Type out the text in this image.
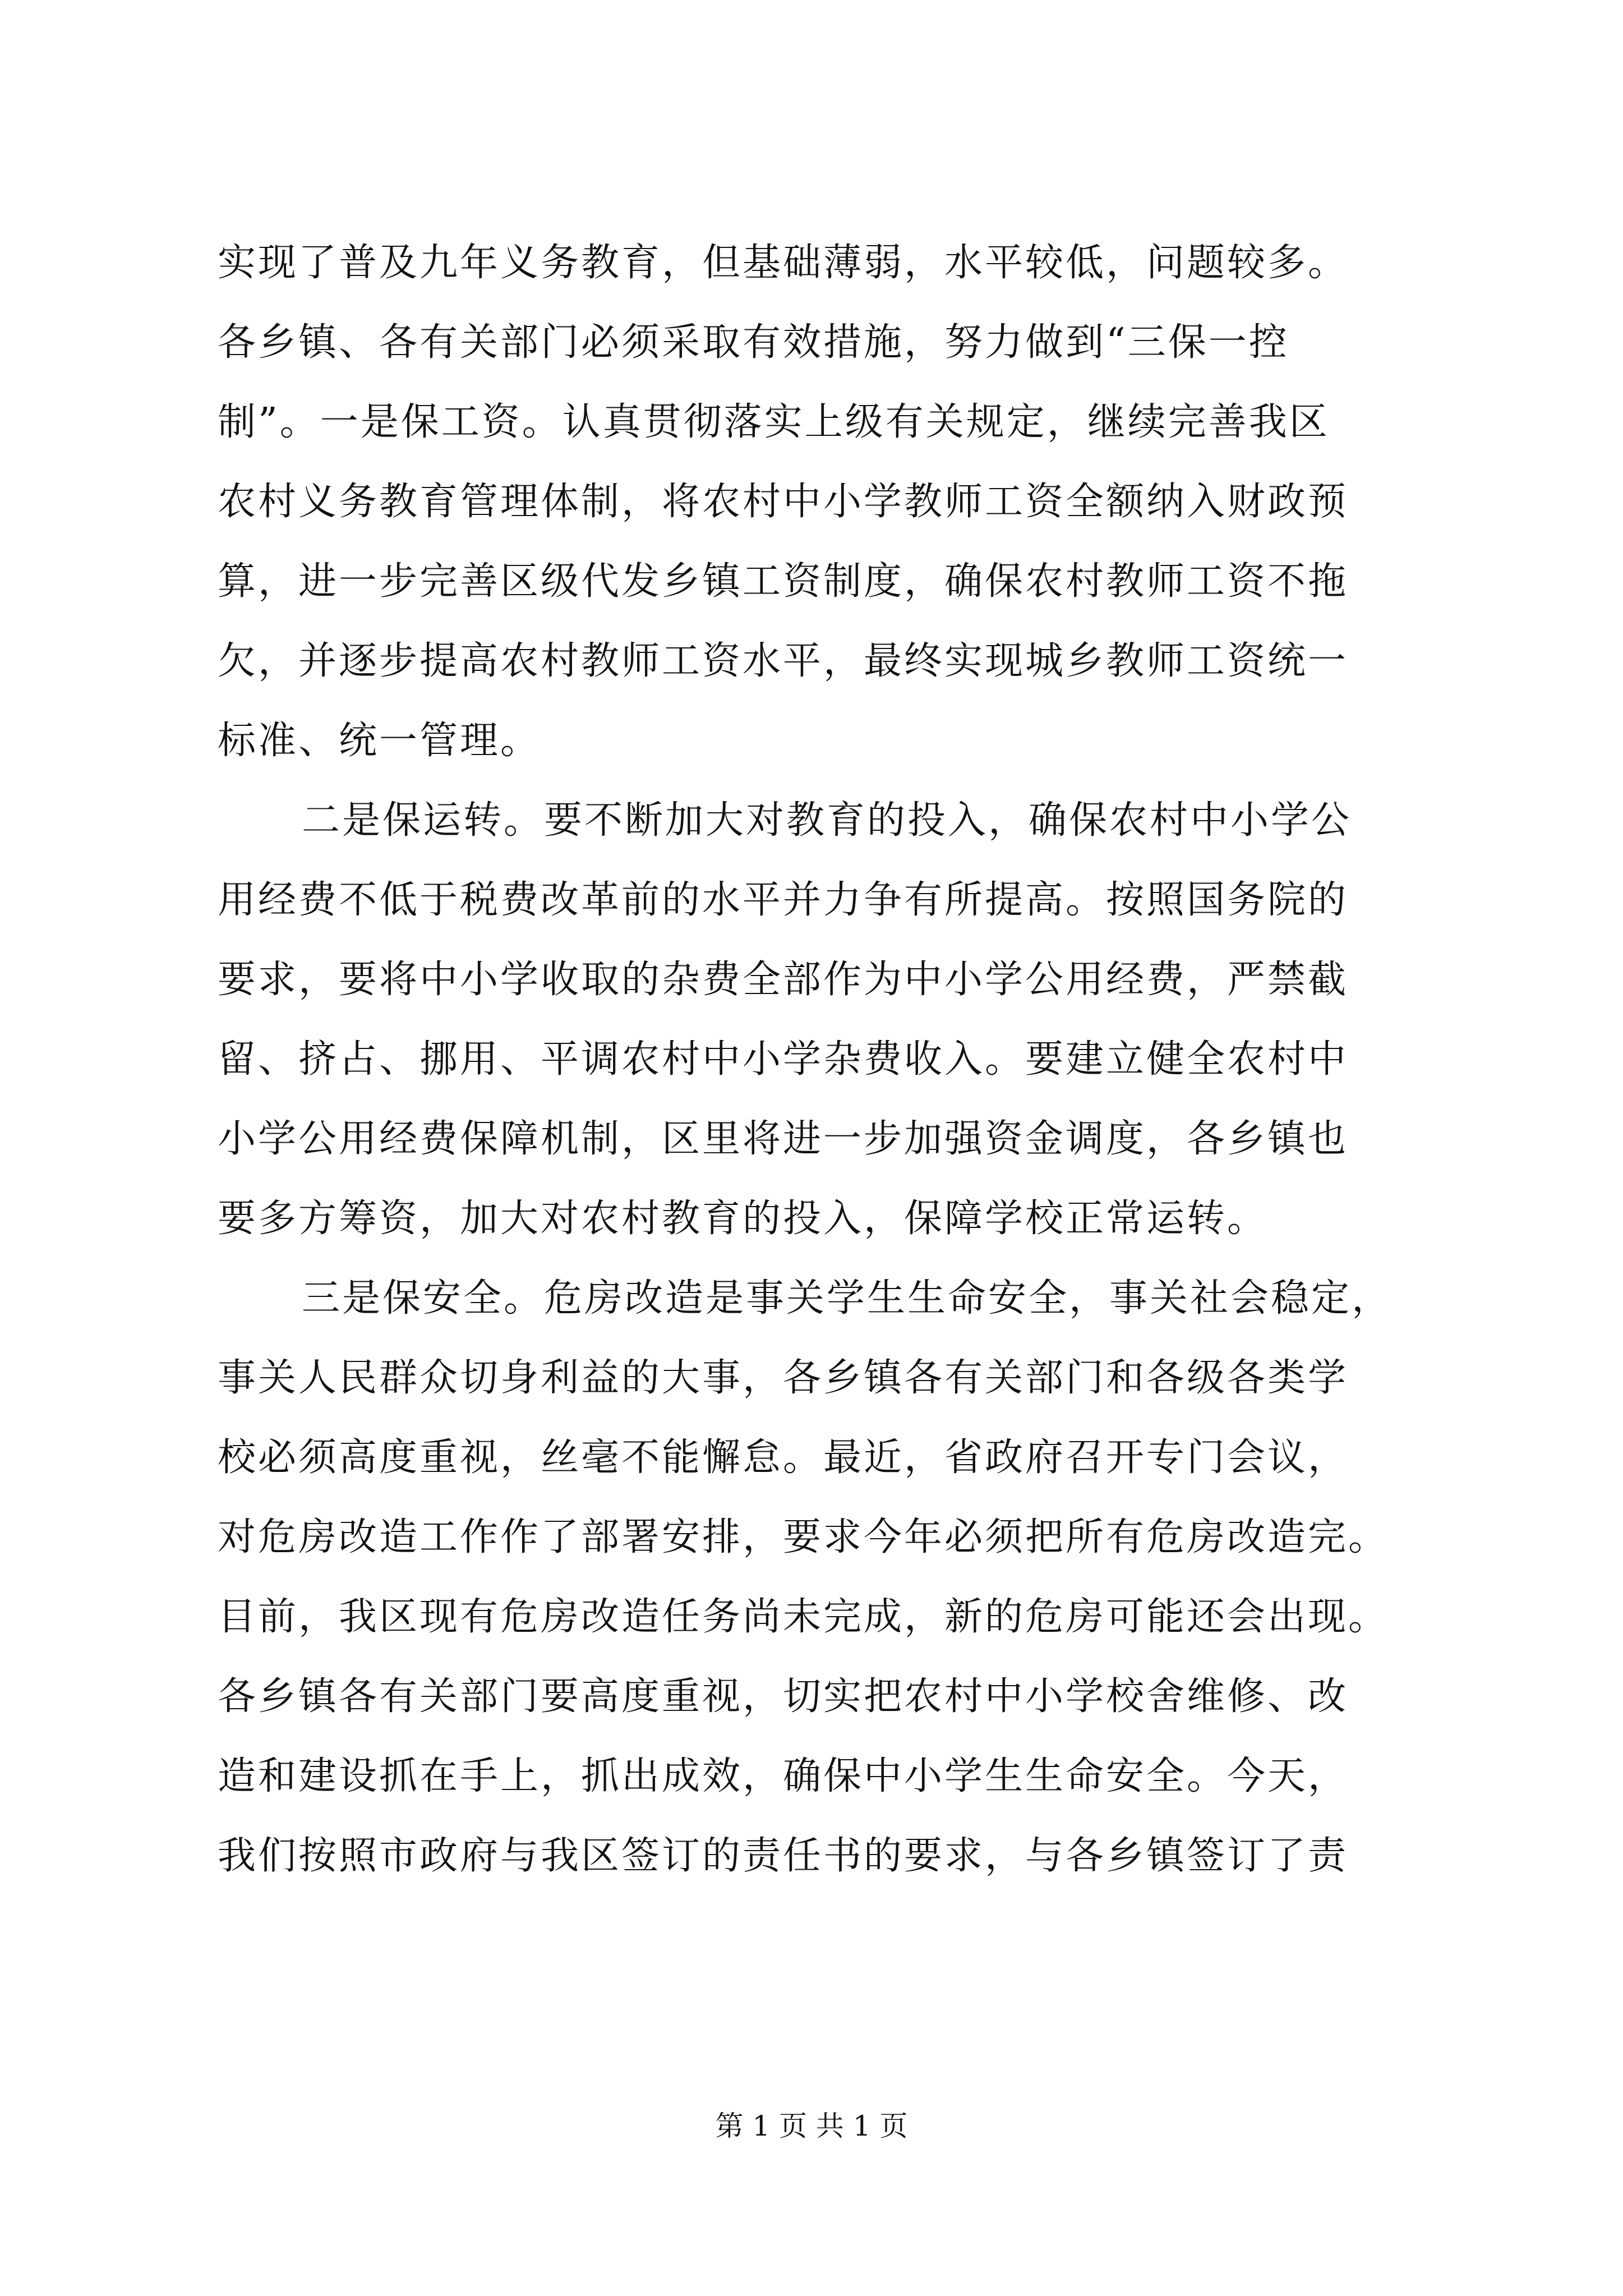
实现了普及九年义务教育，但基础薄弱，水平较低，问题较多。
各乡镇、各有关部门必须采取有效措施，努力做到“三保一控
制”。一是保工资。认真贯彻落实上级有关规定，继续完善我区
农村义务教育管理体制，将农村中小学教师工资全额纳入财政预
算，进一步完善区级代发乡镇工资制度，确保农村教师工资不拖
欠，并逐步提高农村教师工资水平，最终实现城乡教师工资统一
标准、统一管理。
二是保运转。要不断加大对教育的投入，确保农村中小学公
用经费不低于税费改革前的水平并力争有所提高。按照国务院的
要求，要将中小学收取的杂费全部作为中小学公用经费，严禁截
留、挤占、挪用、平调农村中小学杂费收入。要建立健全农村中
小学公用经费保障机制，区里将进一步加强资金调度，各乡镇也
要多方筹资，加大对农村教育的投入，保障学校正常运转。
三是保安全。危房改造是事关学生生命安全，事关社会稳定，
事关人民群众切身利益的大事，各乡镇各有关部门和各级各类学
校必须高度重视，丝毫不能懈怠。最近，省政府召开专门会议，
对危房改造工作作了部署安排，要求今年必须把所有危房改造完。
目前，我区现有危房改造任务尚未完成，新的危房可能还会出现。
各乡镇各有关部门要高度重视，切实把农村中小学校舍维修、改
造和建设抓在手上，抓出成效，确保中小学生生命安全。今天，
我们按照市政府与我区签订的责任书的要求，与各乡镇签订了责
第 1 页 共 1 页
